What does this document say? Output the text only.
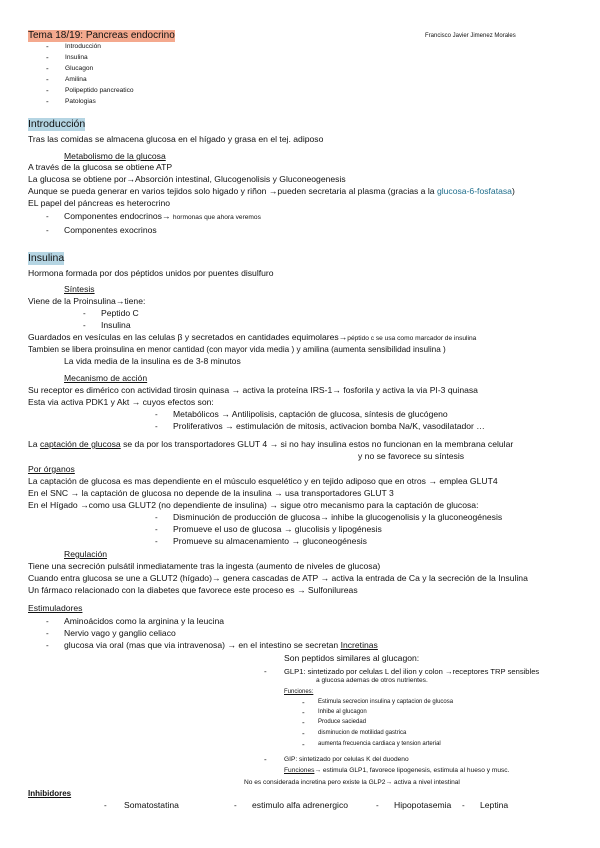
Tema 18/19: Pancreas endocrino	Francisco Javier Jimenez Morales
- Introducción
- Insulina
- Glucagon
- Amilina
- Polipeptido pancreatico
- Patologias
Introducción
Tras las comidas se almacena glucosa en el hígado y grasa en el tej. adiposo
Metabolismo de la glucosa
A través de la glucosa se obtiene ATP
La glucosa se obtiene por→Absorción intestinal, Glucogenolisis y Gluconeogenesis
Aunque se pueda generar en varios tejidos solo higado y riñon →pueden secretaria al plasma (gracias a la glucosa-6-fosfatasa)
EL papel del páncreas es heterocrino
- Componentes endocrinos→ hormonas que ahora veremos
- Componentes exocrinos
Insulina
Hormona formada por dos péptidos unidos por puentes disulfuro
Síntesis
Viene de la Proinsulina→tiene:
- Peptido C
- Insulina
Guardados en vesículas en las celulas β y secretados en cantidades equimolares→péptido c se usa como marcador de insulina
Tambien se libera proinsulina en menor cantidad (con mayor vida media ) y amilina (aumenta sensibilidad insulina )
La vida media de la insulina es de 3-8 minutos
Mecanismo de acción
Su receptor es dimérico con actividad tirosin quinasa → activa la proteína IRS-1→ fosforila y activa la via PI-3 quinasa
Esta via activa PDK1 y Akt → cuyos efectos son:
- Metabólicos → Antilipolisis, captación de glucosa, síntesis de glucógeno
- Proliferativos → estimulación de mitosis, activacion bomba Na/K, vasodilatador …
La captación de glucosa se da por los transportadores GLUT 4 → si no hay insulina estos no funcionan en la membrana celular
y no se favorece su síntesis
Por órganos
La captación de glucosa es mas dependiente en el músculo esquelético y en tejido adiposo que en otros → emplea GLUT4
En el SNC → la captación de glucosa no depende de la insulina → usa transportadores GLUT 3
En el Hígado →como usa GLUT2 (no dependiente de insulina) → sigue otro mecanismo para la captación de glucosa:
- Disminución de producción de glucosa→ inhibe la glucogenolisis y la gluconeogénesis
- Promueve el uso de glucosa → glucolisis y lipogénesis
- Promueve su almacenamiento → gluconeogénesis
Regulación
Tiene una secreción pulsátil inmediatamente tras la ingesta (aumento de niveles de glucosa)
Cuando entra glucosa se une a GLUT2 (hígado)→ genera cascadas de ATP → activa la entrada de Ca y la secreción de la Insulina
Un fármaco relacionado con la diabetes que favorece este proceso es → Sulfonilureas
Estimuladores
- Aminoácidos como la arginina y la leucina
- Nervio vago y ganglio celiaco
- glucosa via oral (mas que via intravenosa) → en el intestino se secretan Incretinas
Son peptidos similares al glucagon:
- GLP1: sintetizado por celulas L del ilion y colon →receptores TRP sensibles
a glucosa ademas de otros nutrientes.
Funciones:
- Estimula secrecion insulina y captacion de glucosa
- Inhibe al glucagon
- Produce saciedad
- disminucion de motilidad gastrica
- aumenta frecuencia cardiaca y tension arterial
-	GIP: sintetizado por celulas K del duodeno
Funciones→ estimula GLP1, favorece lipogenesis, estimula al hueso y musc.
No es considerada incretina pero existe la GLP2→ activa a nivel intestinal
Inhibidores
- Somatostatina	- estimulo alfa adrenergico	- Hipopotasemia - Leptina
